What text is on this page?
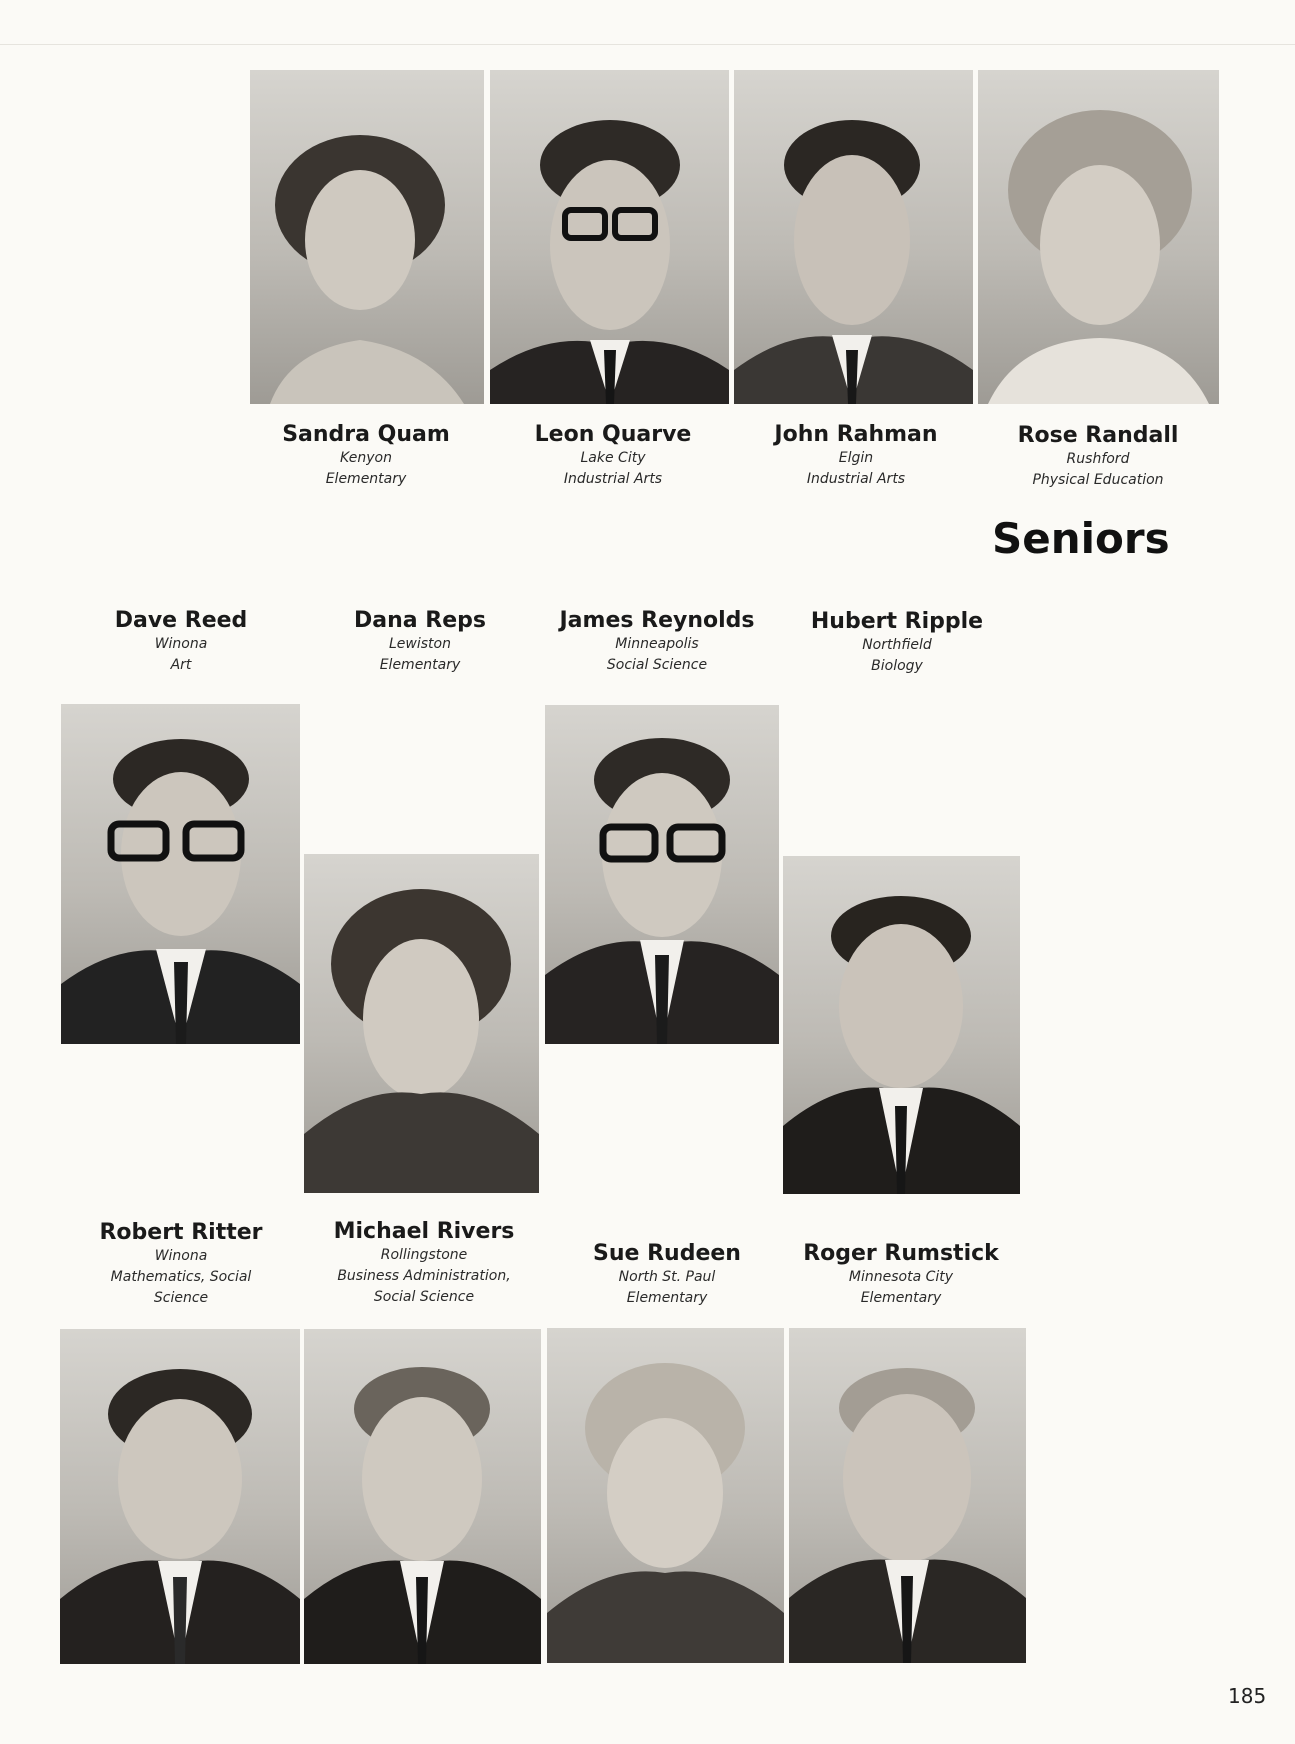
Sandra Quam
Kenyon
Elementary
Leon Quarve
Lake City
Industrial Arts
John Rahman
Elgin
Industrial Arts
Rose Randall
Rushford
Physical Education
Seniors
Dave Reed
Winona
Art
Dana Reps
Lewiston
Elementary
James Reynolds
Minneapolis
Social Science
Hubert Ripple
Northfield
Biology
Robert Ritter
Winona
Mathematics, Social
Science
Michael Rivers
Rollingstone
Business Administration,
Social Science
Sue Rudeen
North St. Paul
Elementary
Roger Rumstick
Minnesota City
Elementary
185
